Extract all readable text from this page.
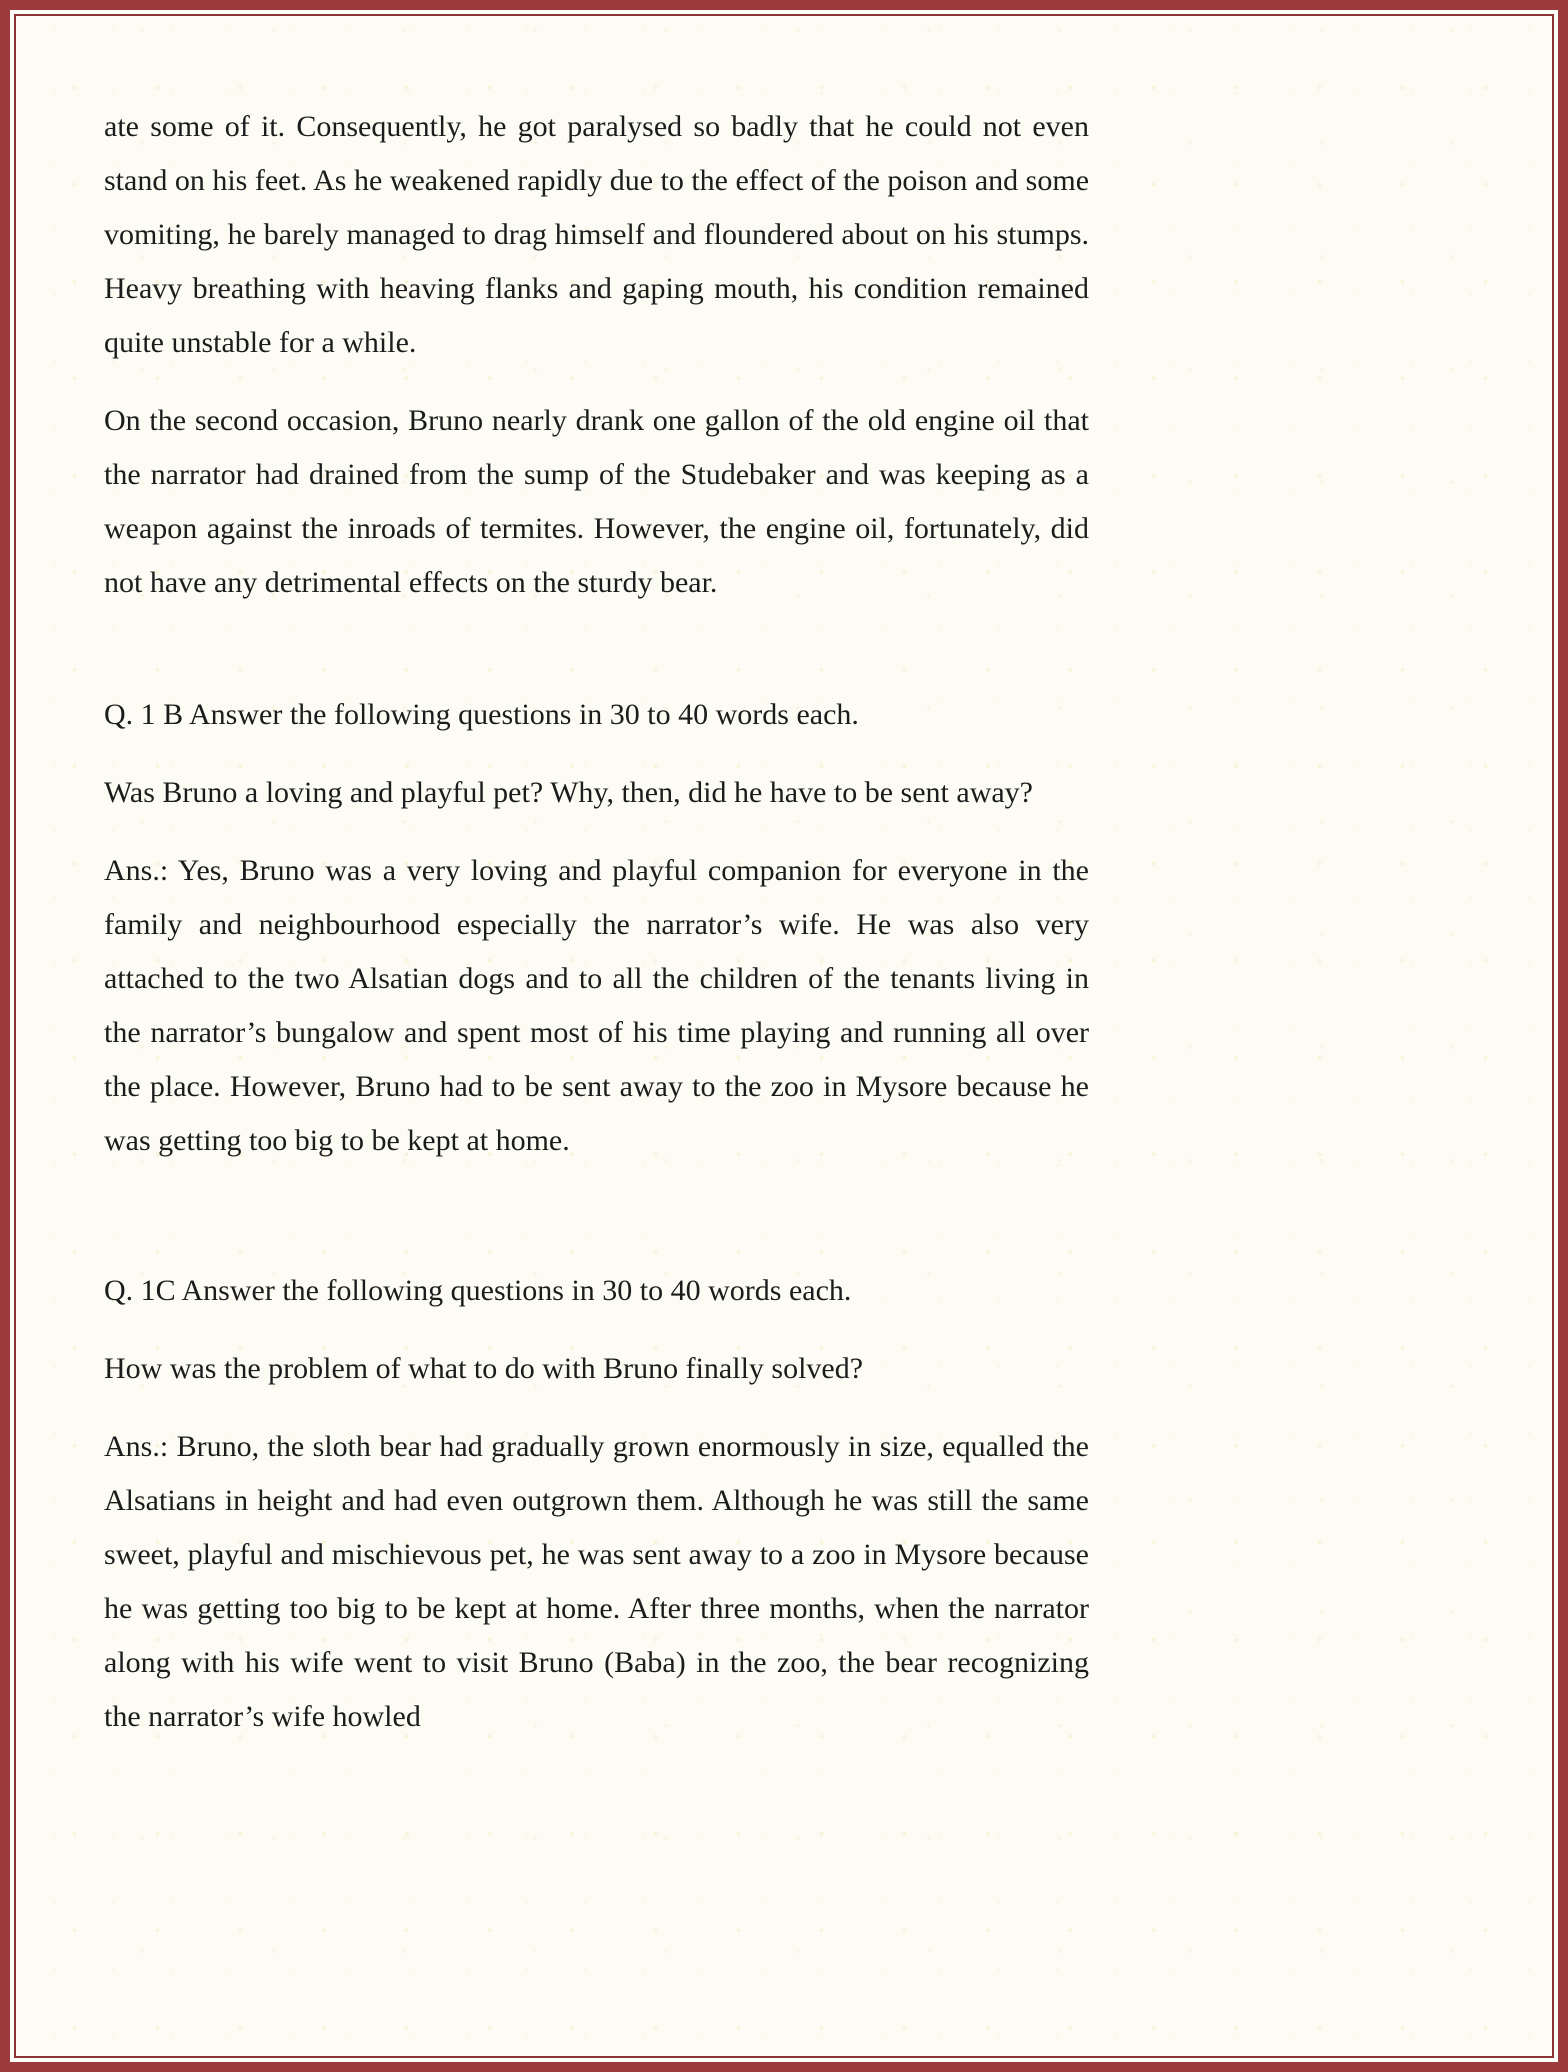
ate some of it. Consequently, he got paralysed so badly that he could not even stand on his feet. As he weakened rapidly due to the effect of the poison and some vomiting, he barely managed to drag himself and floundered about on his stumps. Heavy breathing with heaving flanks and gaping mouth, his condition remained quite unstable for a while.

On the second occasion, Bruno nearly drank one gallon of the old engine oil that the narrator had drained from the sump of the Studebaker and was keeping as a weapon against the inroads of termites. However, the engine oil, fortunately, did not have any detrimental effects on the sturdy bear.

Q. 1 B Answer the following questions in 30 to 40 words each.

Was Bruno a loving and playful pet? Why, then, did he have to be sent away?

Ans.: Yes, Bruno was a very loving and playful companion for everyone in the family and neighbourhood especially the narrator’s wife. He was also very attached to the two Alsatian dogs and to all the children of the tenants living in the narrator’s bungalow and spent most of his time playing and running all over the place. However, Bruno had to be sent away to the zoo in Mysore because he was getting too big to be kept at home.

Q. 1C Answer the following questions in 30 to 40 words each.

How was the problem of what to do with Bruno finally solved?

Ans.: Bruno, the sloth bear had gradually grown enormously in size, equalled the Alsatians in height and had even outgrown them. Although he was still the same sweet, playful and mischievous pet, he was sent away to a zoo in Mysore because he was getting too big to be kept at home. After three months, when the narrator along with his wife went to visit Bruno (Baba) in the zoo, the bear recognizing the narrator’s wife howled
